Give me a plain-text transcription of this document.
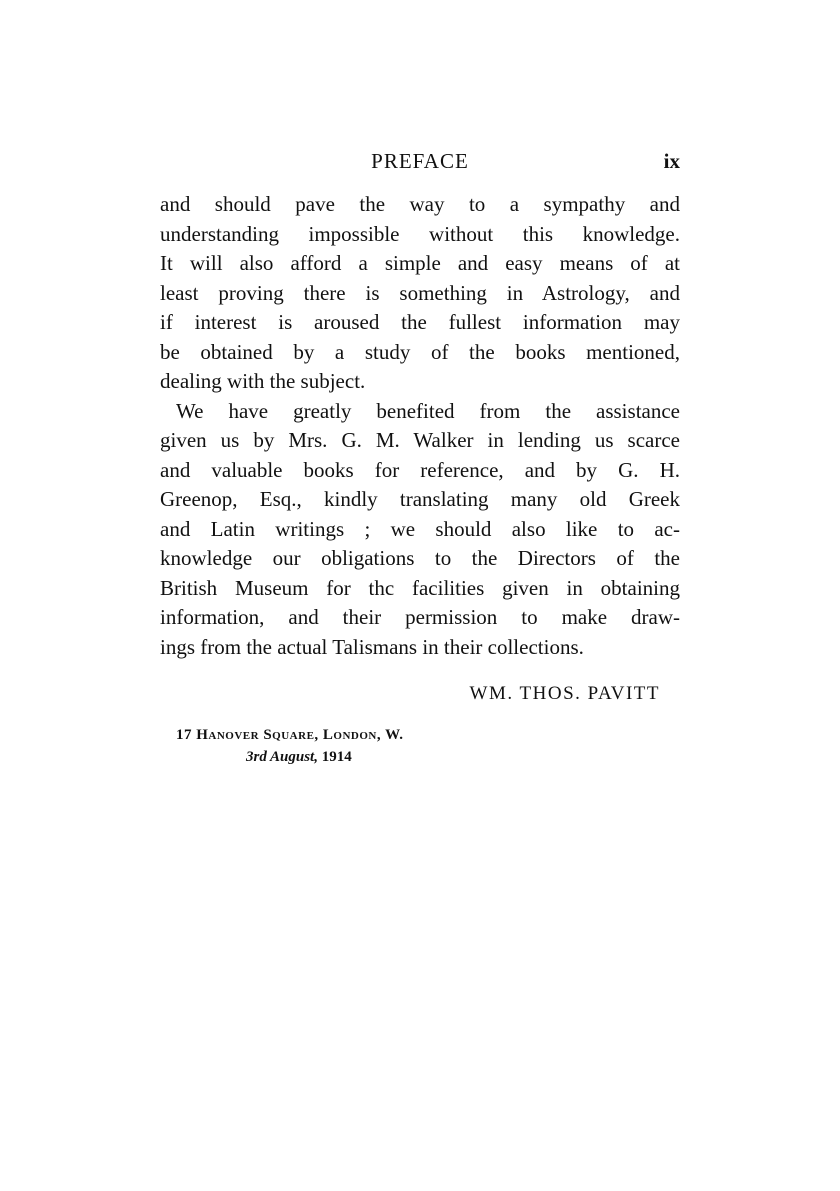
PREFACE	ix
and should pave the way to a sympathy and
understanding impossible without this knowledge.
It will also afford a simple and easy means of at
least proving there is something in Astrology, and
if interest is aroused the fullest information may
be obtained by a study of the books mentioned,
dealing with the subject.
We have greatly benefited from the assistance
given us by Mrs. G. M. Walker in lending us scarce
and valuable books for reference, and by G. H.
Greenop, Esq., kindly translating many old Greek
and Latin writings ; we should also like to ac-
knowledge our obligations to the Directors of the
British Museum for thc facilities given in obtaining
information, and their permission to make draw-
ings from the actual Talismans in their collections.
WM. THOS. PAVITT
17 Hanover Square, London, W.
3rd August, 1914
